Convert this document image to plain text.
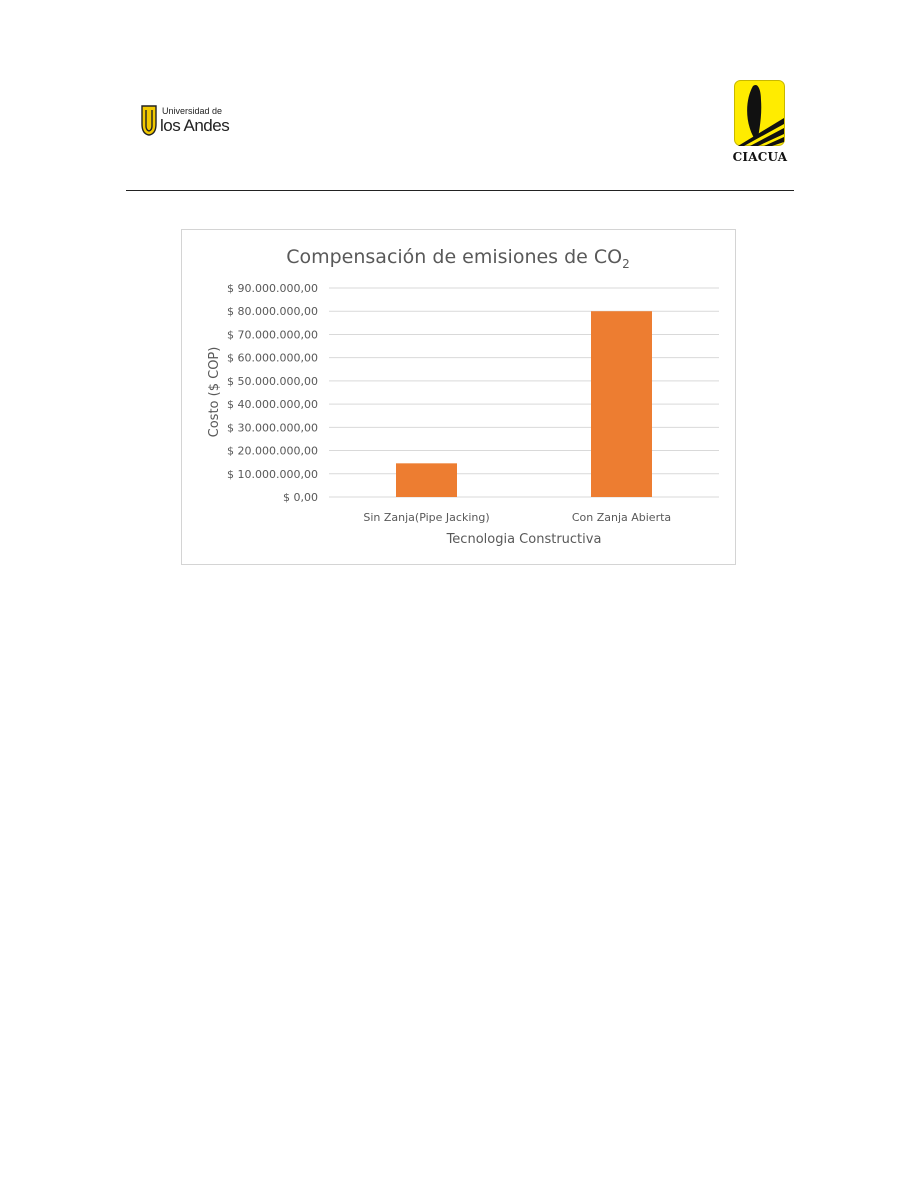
Universidad de
los Andes
CIACUA
$ 0,00
$ 10.000.000,00
$ 20.000.000,00
$ 30.000.000,00
$ 40.000.000,00
$ 50.000.000,00
$ 60.000.000,00
$ 70.000.000,00
$ 80.000.000,00
$ 90.000.000,00
Sin Zanja(Pipe Jacking)	Con Zanja Abierta
Compensación de emisiones de $CO_2$
Tecnologia Constructiva
Costo ($ COP)
